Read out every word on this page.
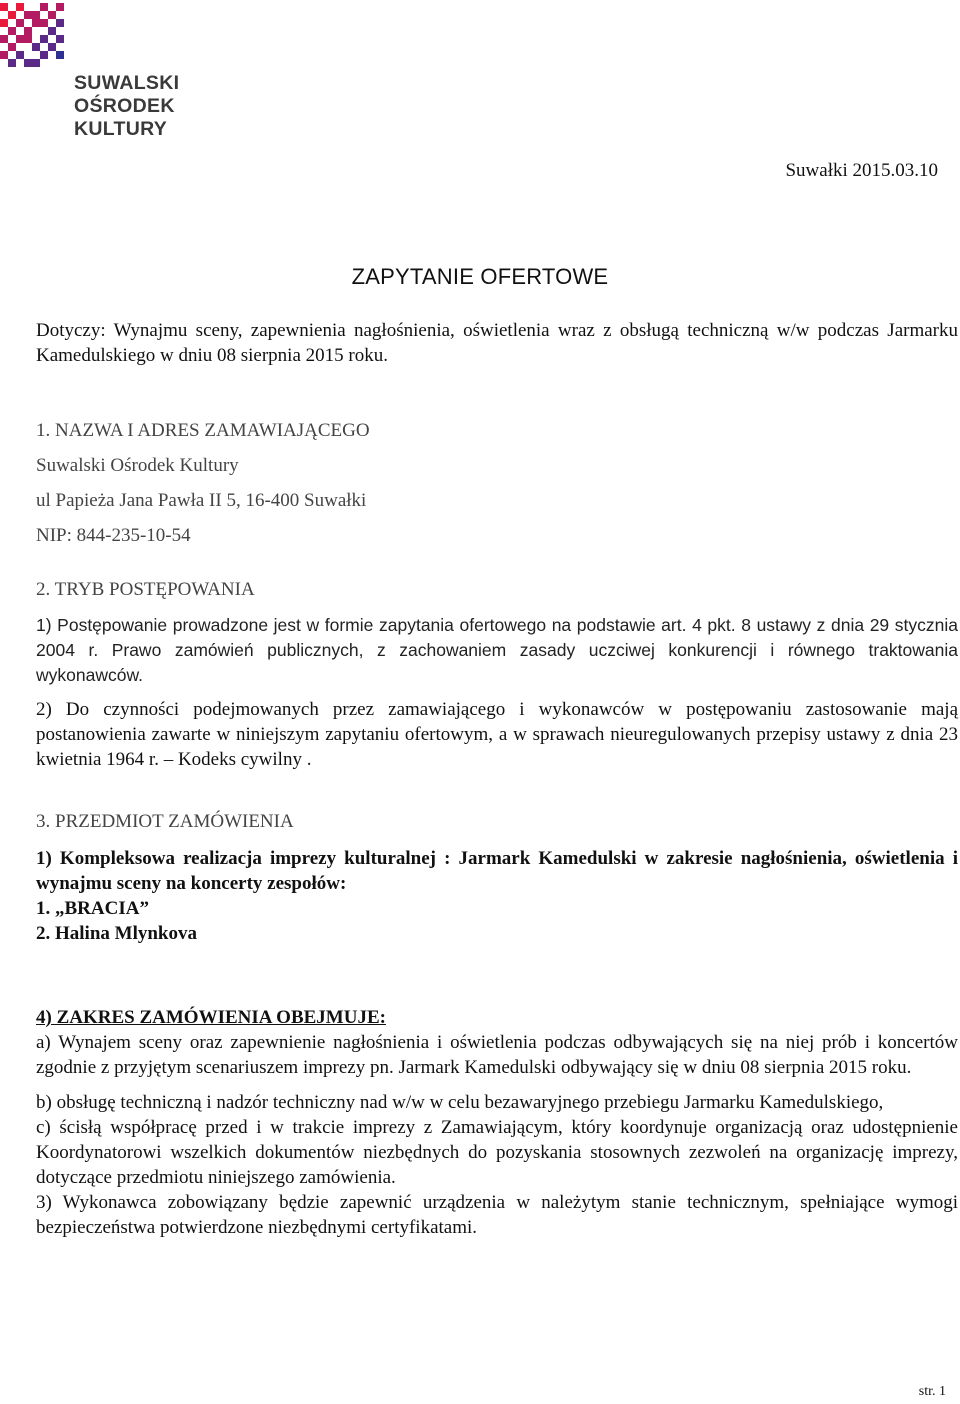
SUWALSKI
OŚRODEK
KULTURY
Suwałki 2015.03.10
ZAPYTANIE OFERTOWE

Dotyczy: Wynajmu sceny, zapewnienia nagłośnienia, oświetlenia wraz z obsługą techniczną w/w podczas Jarmarku Kamedulskiego w dniu 08 sierpnia 2015 roku.

1. NAZWA I ADRES ZAMAWIAJĄCEGO

Suwalski Ośrodek Kultury

ul Papieża Jana Pawła II 5, 16-400 Suwałki

NIP: 844-235-10-54

2. TRYB POSTĘPOWANIA

1) Postępowanie prowadzone jest w formie zapytania ofertowego na podstawie art. 4 pkt. 8 ustawy z dnia 29 stycznia 2004 r. Prawo zamówień publicznych, z zachowaniem zasady uczciwej konkurencji i równego traktowania wykonawców.

2) Do czynności podejmowanych przez zamawiającego i wykonawców w postępowaniu zastosowanie mają postanowienia zawarte w niniejszym zapytaniu ofertowym, a w sprawach nieuregulowanych przepisy ustawy z dnia 23 kwietnia 1964 r. – Kodeks cywilny .

3. PRZEDMIOT ZAMÓWIENIA

1) Kompleksowa realizacja imprezy kulturalnej : Jarmark Kamedulski w zakresie nagłośnienia, oświetlenia i wynajmu sceny na koncerty zespołów:

1. „BRACIA”

2. Halina Mlynkova

4) ZAKRES ZAMÓWIENIA OBEJMUJE:

a) Wynajem sceny oraz zapewnienie nagłośnienia i oświetlenia podczas odbywających się na niej prób i koncertów zgodnie z przyjętym scenariuszem imprezy pn. Jarmark Kamedulski odbywający się w dniu 08 sierpnia 2015 roku.

b) obsługę techniczną i nadzór techniczny nad w/w w celu bezawaryjnego przebiegu Jarmarku Kamedulskiego,

c) ścisłą współpracę przed i w trakcie imprezy z Zamawiającym, który koordynuje organizacją oraz udostępnienie Koordynatorowi wszelkich dokumentów niezbędnych do pozyskania stosownych zezwoleń na organizację imprezy, dotyczące przedmiotu niniejszego zamówienia.

3) Wykonawca zobowiązany będzie zapewnić urządzenia w należytym stanie technicznym, spełniające wymogi bezpieczeństwa potwierdzone niezbędnymi certyfikatami.

str. 1
